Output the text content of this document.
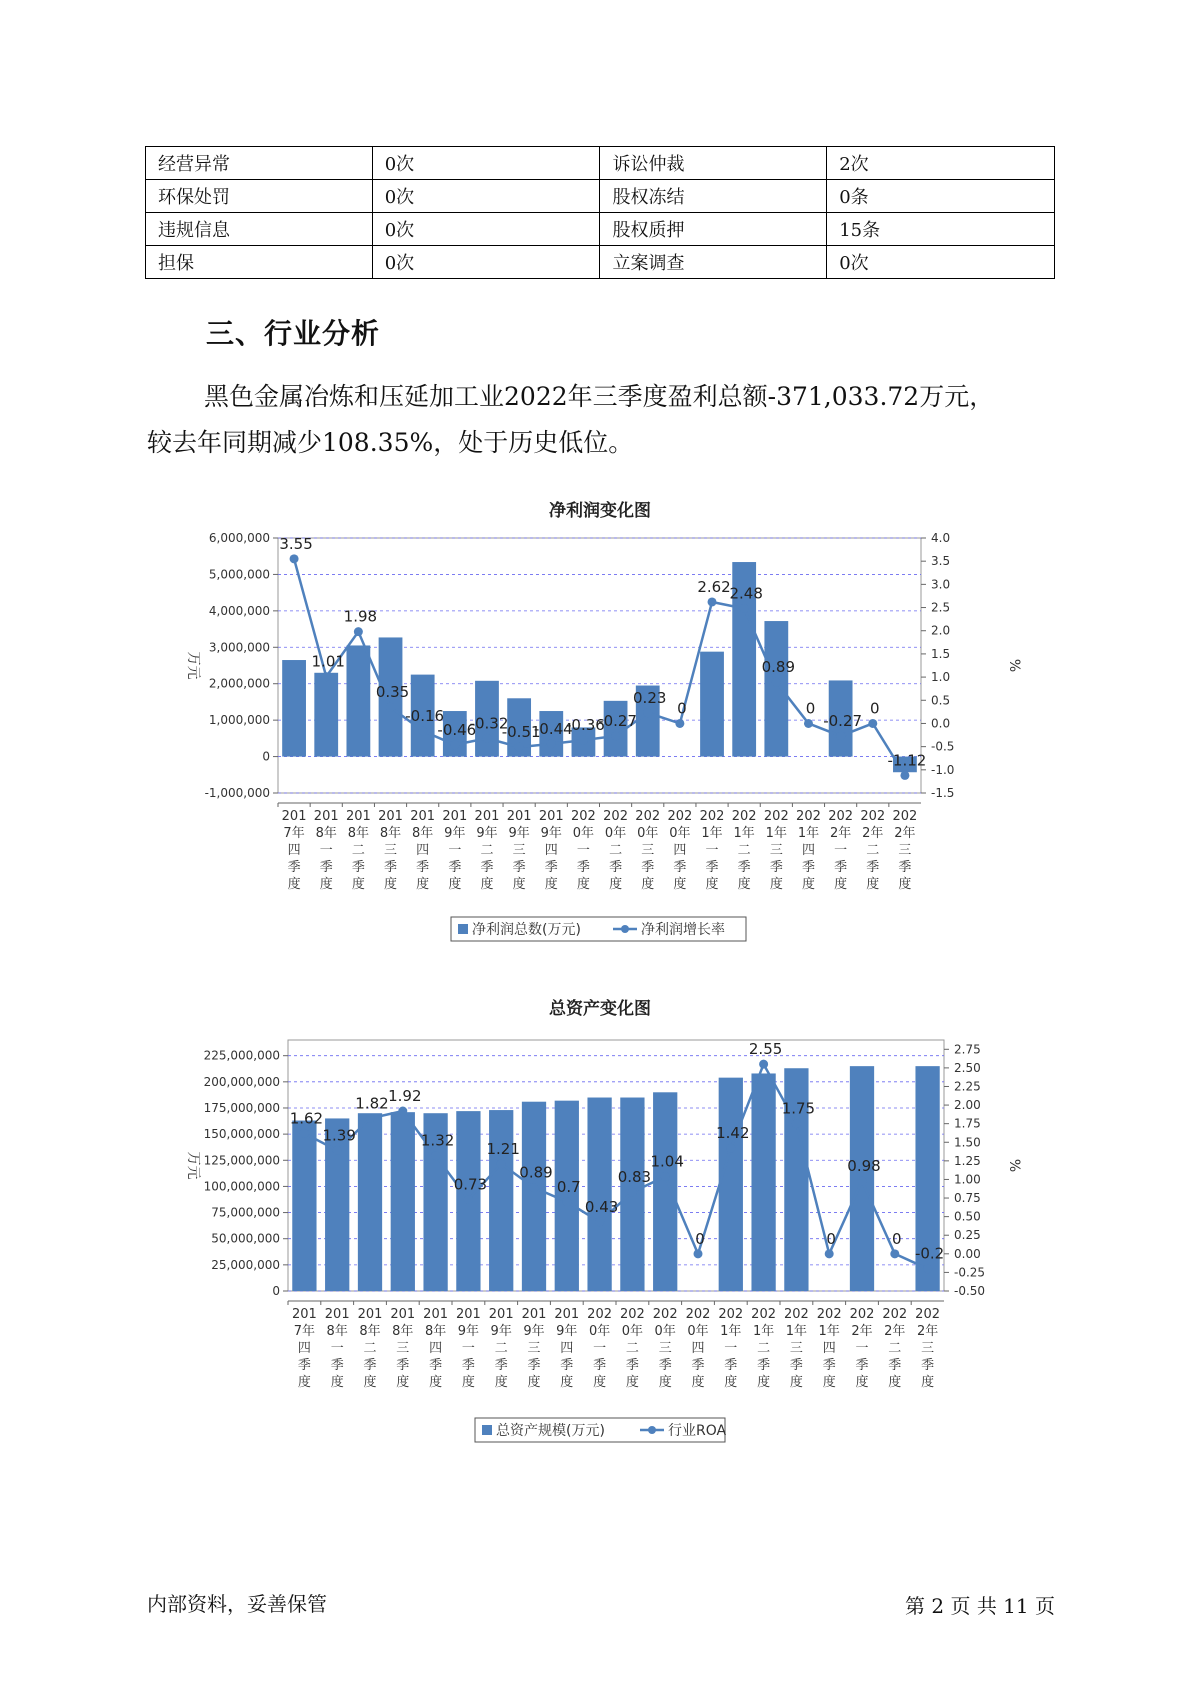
经营异常	0次	诉讼仲裁	2次
环保处罚	0次	股权冻结	0条
违规信息	0次	股权质押	15条
担保	0次	立案调查	0次
三、行业分析
黑色金属冶炼和压延加工业2022年三季度盈利总额-371,033.72万元，
较去年同期减少108.35%，处于历史低位。
净利润变化图
6,000,000
5,000,000
4,000,000
3,000,000
2,000,000
1,000,000
0
-1,000,000
4.0
3.5
3.0
2.5
2.0
1.5
1.0
0.5
0.0
-0.5
-1.0
-1.5
万元	%
3.55
1.01
1.98
0.35
-0.16
-0.46
-0.32
-0.51
-0.44
-0.36
-0.27
0.23
0
2.62
2.48
0.89
0
-0.27
0
-1.12
201
7年
四
季
度
201
8年
一
季
度
201
8年
二
季
度
201
8年
三
季
度
201
8年
四
季
度
201
9年
一
季
度
201
9年
二
季
度
201
9年
三
季
度
201
9年
四
季
度
202
0年
一
季
度
202
0年
二
季
度
202
0年
三
季
度
202
0年
四
季
度
202
1年
一
季
度
202
1年
二
季
度
202
1年
三
季
度
202
1年
四
季
度
202
2年
一
季
度
202
2年
二
季
度
202
2年
三
季
度
净利润总数(万元)	净利润增长率
总资产变化图
225,000,000
200,000,000
175,000,000
150,000,000
125,000,000
100,000,000
75,000,000
50,000,000
25,000,000
0
2.75
2.50
2.25
2.00
1.75
1.50
1.25
1.00
0.75
0.50
0.25
0.00
-0.25
-0.50
万元	%
1.62
1.39
1.82 1.92
1.32
0.73
1.21
0.89
0.7
0.43
0.83
1.04
0
1.42
2.55
1.75
0
0.98
0
-0.2
201
7年
四
季
度
201
8年
一
季
度
201
8年
二
季
度
201
8年
三
季
度
201
8年
四
季
度
201
9年
一
季
度
201
9年
二
季
度
201
9年
三
季
度
201
9年
四
季
度
202
0年
一
季
度
202
0年
二
季
度
202
0年
三
季
度
202
0年
四
季
度
202
1年
一
季
度
202
1年
二
季
度
202
1年
三
季
度
202
1年
四
季
度
202
2年
一
季
度
202
2年
二
季
度
202
2年
三
季
度
总资产规模(万元)	行业ROA
内部资料，妥善保管	第 2 页 共 11 页
